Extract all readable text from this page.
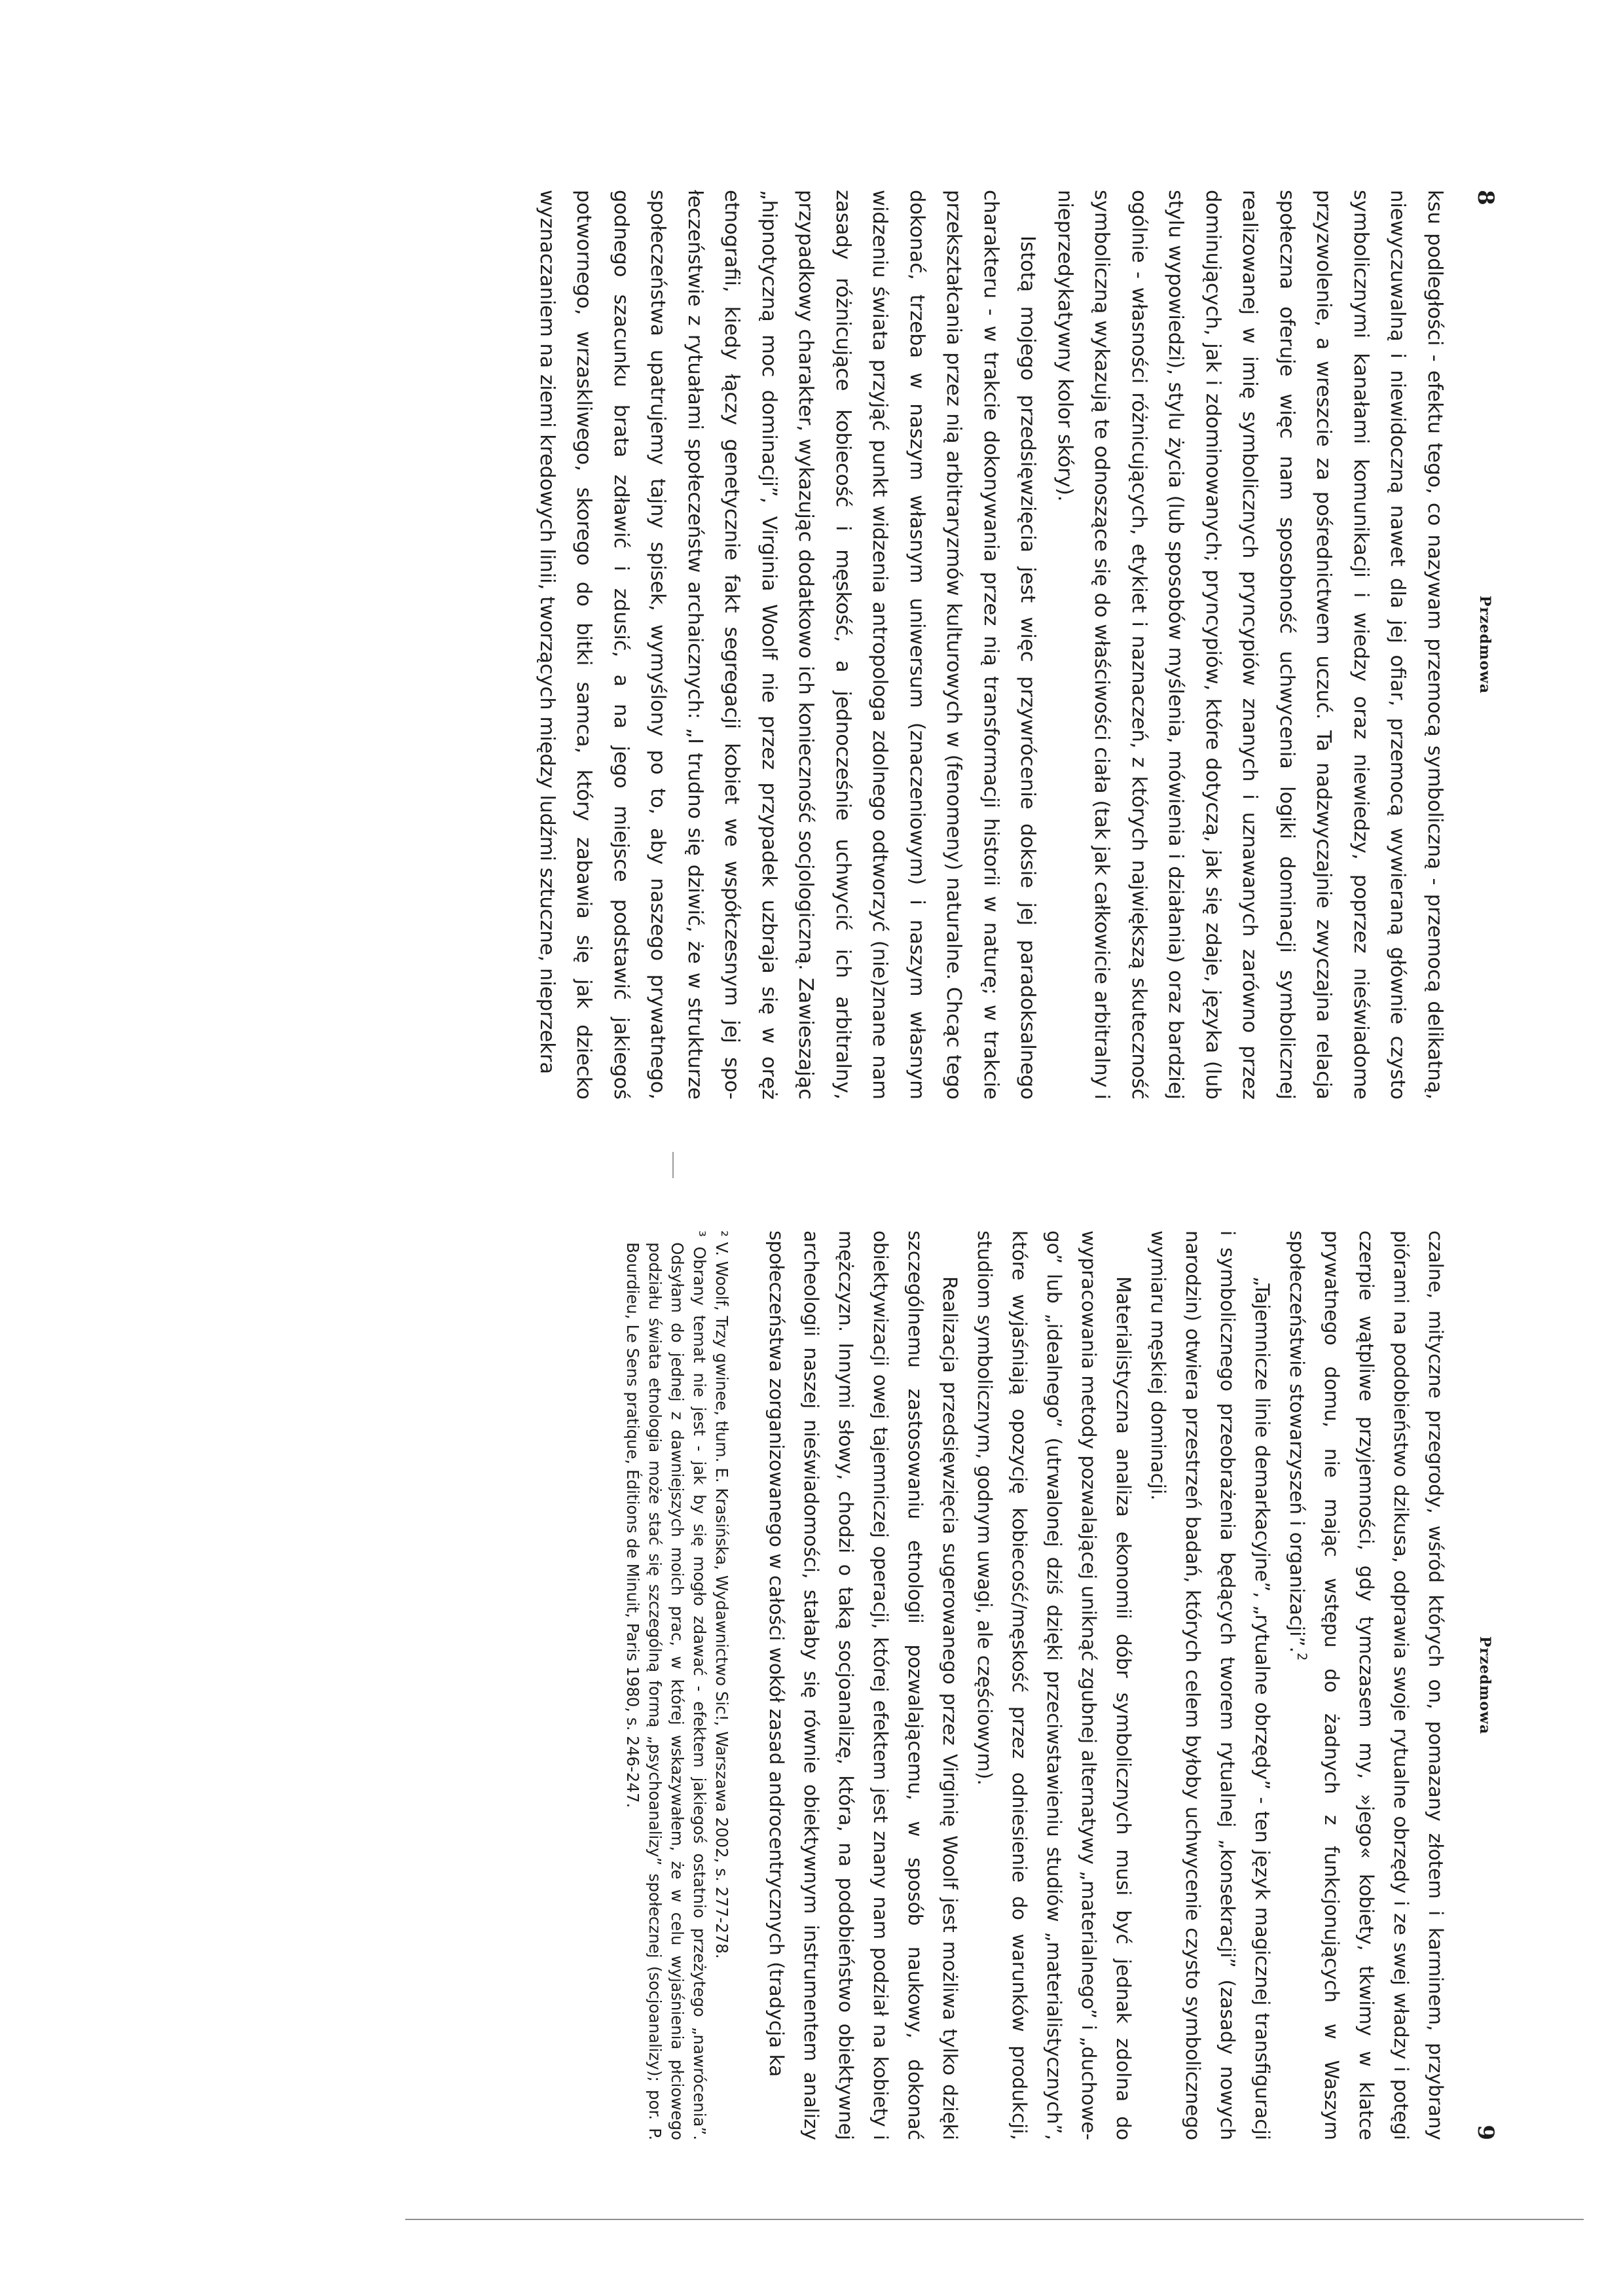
8
Przedmowa

ksu podległości - efektu tego, co nazywam przemocą symboliczną - przemocą delikatną, niewyczuwalną i niewidoczną nawet dla jej ofiar, przemocą wywieraną głównie czysto symbolicznymi kanałami komunikacji i wiedzy oraz niewiedzy, poprzez nieświadome przyzwolenie, a wreszcie za pośrednictwem uczuć. Ta nadzwyczajnie zwyczajna relacja społeczna oferuje więc nam sposobność uchwycenia logiki dominacji symbolicznej realizowanej w imię symbolicznych pryncypiów znanych i uznawanych zarówno przez dominujących, jak i zdominowanych; pryncypiów, które dotyczą, jak się zdaje, języka (lub stylu wypowiedzi), stylu życia (lub sposobów myślenia, mówienia i działania) oraz bardziej ogólnie - własności różnicujących, etykiet i naznaczeń, z których największą skuteczność symboliczną wykazują te odnoszące się do właściwości ciała (tak jak całkowicie arbitralny i nieprzedykatywny kolor skóry).

Istotą mojego przedsięwzięcia jest więc przywrócenie doksie jej paradoksalnego charakteru - w trakcie dokonywania przez nią transformacji historii w naturę; w trakcie przekształcania przez nią arbitraryzmów kulturowych w (fenomeny) naturalne. Chcąc tego dokonać, trzeba w naszym własnym uniwersum (znaczeniowym) i naszym własnym widzeniu świata przyjąć punkt widzenia antropologa zdolnego odtworzyć (nie)znane nam zasady różnicujące kobiecość i męskość, a jednocześnie uchwycić ich arbitralny, przypadkowy charakter, wykazując dodatkowo ich konieczność socjologiczną. Zawieszając „hipnotyczną moc dominacji”, Virginia Woolf nie przez przypadek uzbraja się w oręż etnografii, kiedy łączy genetycznie fakt segregacji kobiet we współczesnym jej społeczeństwie z rytuałami społeczeństw archaicznych: „I trudno się dziwić, że w strukturze społeczeństwa upatrujemy tajny spisek, wymyślony po to, aby naszego prywatnego, godnego szacunku brata zdławić i zdusić, a na jego miejsce podstawić jakiegoś potwornego, wrzaskliwego, skorego do bitki samca, który zabawia się jak dziecko wyznaczaniem na ziemi kredowych linii, tworzących między ludźmi sztuczne, nieprzekra

Przedmowa
9

czalne, mityczne przegrody, wśród których on, pomazany złotem i karminem, przybrany piórami na podobieństwo dzikusa, odprawia swoje rytualne obrzędy i ze swej władzy i potęgi czerpie wątpliwe przyjemności, gdy tymczasem my, »jego« kobiety, tkwimy w klatce prywatnego domu, nie mając wstępu do żadnych z funkcjonujących w Waszym społeczeństwie stowarzyszeń i organizacji”.$^2$

„Tajemnicze linie demarkacyjne”, „rytualne obrzędy” - ten język magicznej transfiguracji i symbolicznego przeobrażenia będących tworem rytualnej „konsekracji” (zasady nowych narodzin) otwiera przestrzeń badań, których celem byłoby uchwycenie czysto symbolicznego wymiaru męskiej dominacji.

Materialistyczna analiza ekonomii dóbr symbolicznych musi być jednak zdolna do wypracowania metody pozwalającej uniknąć zgubnej alternatywy „materialnego” i „duchowego” lub „idealnego” (utrwalonej dziś dzięki przeciwstawieniu studiów „materialistycznych”, które wyjaśniają opozycję kobiecość/męskość przez odniesienie do warunków produkcji, studiom symbolicznym, godnym uwagi, ale częściowym).

Realizacja przedsięwzięcia sugerowanego przez Virginię Woolf jest możliwa tylko dzięki szczególnemu zastosowaniu etnologii pozwalającemu, w sposób naukowy, dokonać obiektywizacji owej tajemniczej operacji, której efektem jest znany nam podział na kobiety i mężczyzn. Innymi słowy, chodzi o taką socjoanalizę, która, na podobieństwo obiektywnej archeologii naszej nieświadomości, stałaby się równie obiektywnym instrumentem analizy społeczeństwa zorganizowanego w całości wokół zasad androcentrycznych (tradycja ka

² V. Woolf, Trzy gwinee, tłum. E. Krasińska, Wydawnictwo Sic!, Warszawa 2002, s. 277-278.

³ Obrany temat nie jest - jak by się mogło zdawać - efektem jakiegoś ostatnio przeżytego „nawrócenia”. Odsyłam do jednej z dawniejszych moich prac, w której wskazywałem, że w celu wyjaśnienia płciowego podziału świata etnologia może stać się szczególną formą „psychoanalizy” społecznej (socjoanalizy); por. P. Bourdieu, Le Sens pratique, Éditions de Minuit, Paris 1980, s. 246-247.
